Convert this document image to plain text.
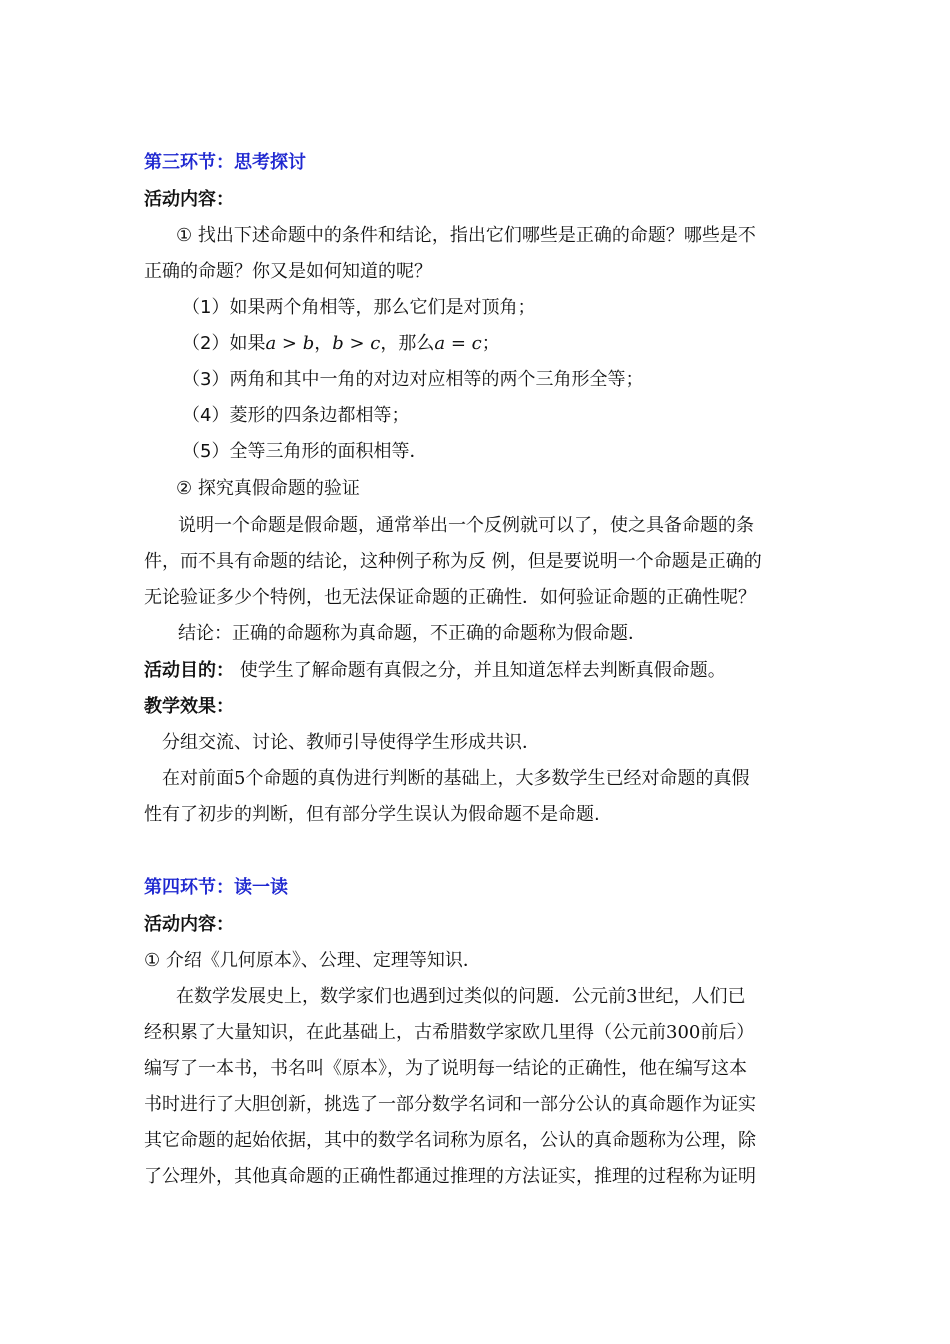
第三环节：思考探讨
活动内容：
① 找出下述命题中的条件和结论，指出它们哪些是正确的命题？哪些是不
正确的命题？你又是如何知道的呢？
（1）如果两个角相等，那么它们是对顶角；
（2）如果a > b，b > c，那么a = c；
（3）两角和其中一角的对边对应相等的两个三角形全等；
（4）菱形的四条边都相等；
（5）全等三角形的面积相等．
② 探究真假命题的验证
说明一个命题是假命题，通常举出一个反例就可以了，使之具备命题的条
件，而不具有命题的结论，这种例子称为反 例，但是要说明一个命题是正确的
无论验证多少个特例，也无法保证命题的正确性．如何验证命题的正确性呢？
结论：正确的命题称为真命题，不正确的命题称为假命题．
活动目的： 使学生了解命题有真假之分，并且知道怎样去判断真假命题。
教学效果：
分组交流、讨论、教师引导使得学生形成共识．
在对前面5个命题的真伪进行判断的基础上，大多数学生已经对命题的真假
性有了初步的判断，但有部分学生误认为假命题不是命题.
第四环节：读一读
活动内容：
① 介绍《几何原本》、公理、定理等知识．
在数学发展史上，数学家们也遇到过类似的问题．公元前3世纪，人们已
经积累了大量知识，在此基础上，古希腊数学家欧几里得（公元前300前后）
编写了一本书，书名叫《原本》，为了说明每一结论的正确性，他在编写这本
书时进行了大胆创新，挑选了一部分数学名词和一部分公认的真命题作为证实
其它命题的起始依据，其中的数学名词称为原名，公认的真命题称为公理，除
了公理外，其他真命题的正确性都通过推理的方法证实，推理的过程称为证明
